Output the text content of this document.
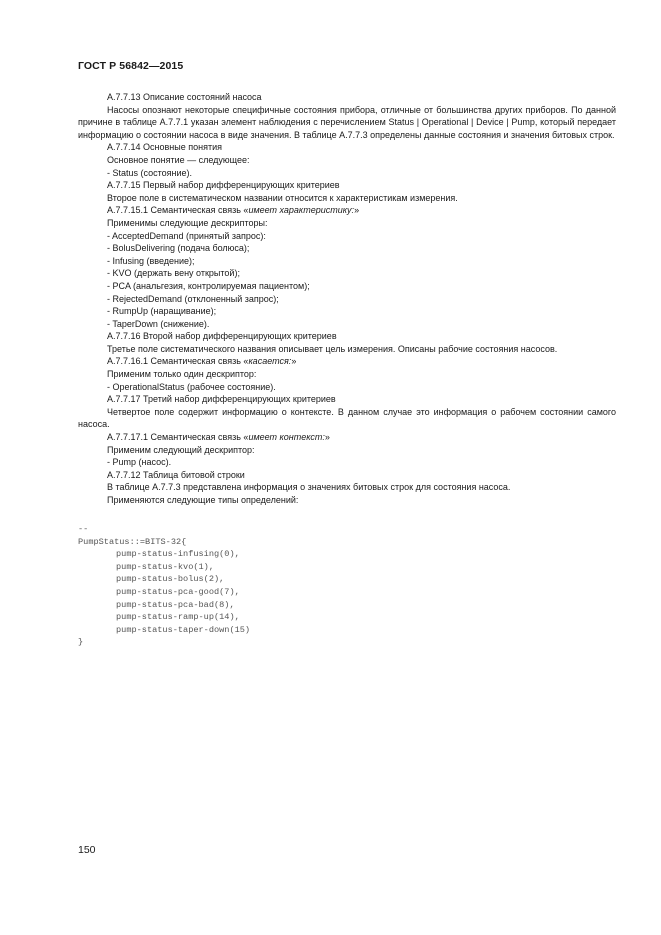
ГОСТ Р 56842—2015

A.7.7.13 Описание состояний насоса

Насосы опознают некоторые специфичные состояния прибора, отличные от большинства других приборов. По данной причине в таблице A.7.7.1 указан элемент наблюдения с перечислением Status | Operational | Device | Pump, который передает информацию о состоянии насоса в виде значения. В таблице A.7.7.3 определены данные состояния и значения битовых строк.

A.7.7.14 Основные понятия

Основное понятие — следующее:

- Status (состояние).

A.7.7.15 Первый набор дифференцирующих критериев

Второе поле в систематическом названии относится к характеристикам измерения.

A.7.7.15.1 Семантическая связь «имеет характеристику:»

Применимы следующие дескрипторы:

- AcceptedDemand (принятый запрос):

- BolusDelivering (подача болюса);

- Infusing (введение);

- KVO (держать вену открытой);

- PCA (анальгезия, контролируемая пациентом);

- RejectedDemand (отклоненный запрос);

- RumpUp (наращивание);

- TaperDown (снижение).

A.7.7.16 Второй набор дифференцирующих критериев

Третье поле систематического названия описывает цель измерения. Описаны рабочие состояния насосов.

A.7.7.16.1 Семантическая связь «касается:»

Применим только один дескриптор:

- OperationalStatus (рабочее состояние).

A.7.7.17 Третий набор дифференцирующих критериев

Четвертое поле содержит информацию о контексте. В данном случае это информация о рабочем состоянии самого насоса.

A.7.7.17.1 Семантическая связь «имеет контекст:»

Применим следующий дескриптор:

- Pump (насос).

A.7.7.12 Таблица битовой строки

В таблице A.7.7.3 представлена информация о значениях битовых строк для состояния насоса.

Применяются следующие типы определений:

--
PumpStatus::=BITS-32{
pump-status-infusing(0),
pump-status-kvo(1),
pump-status-bolus(2),
pump-status-pca-good(7),
pump-status-pca-bad(8),
pump-status-ramp-up(14),
pump-status-taper-down(15)
}
150
